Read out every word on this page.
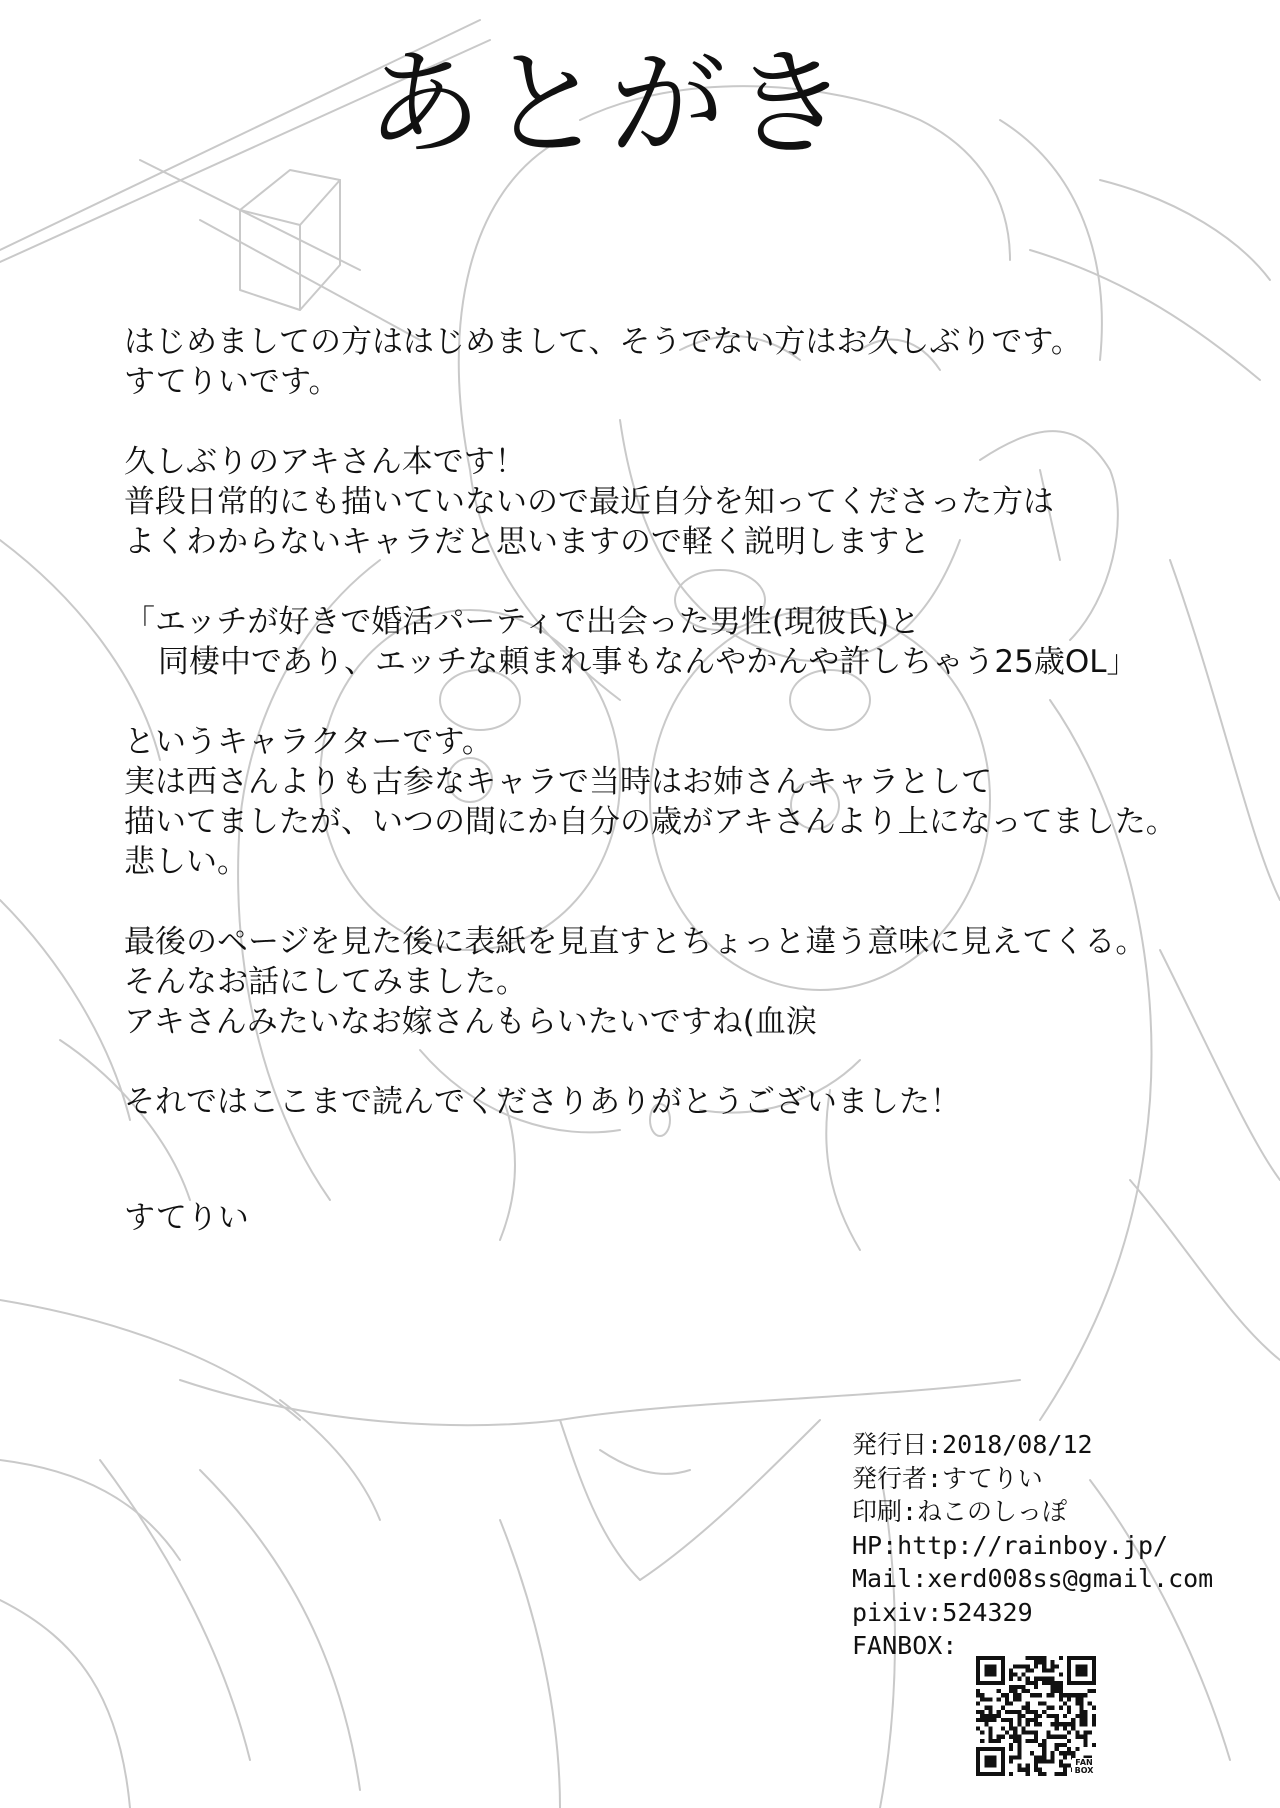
あとがき
はじめましての方ははじめまして、そうでない方はお久しぶりです。
すてりいです。
久しぶりのアキさん本です！
普段日常的にも描いていないので最近自分を知ってくださった方は
よくわからないキャラだと思いますので軽く説明しますと
「エッチが好きで婚活パーティで出会った男性(現彼氏)と
同棲中であり、エッチな頼まれ事もなんやかんや許しちゃう25歳OL」
というキャラクターです。
実は西さんよりも古参なキャラで当時はお姉さんキャラとして
描いてましたが、いつの間にか自分の歳がアキさんより上になってました。
悲しい。
最後のページを見た後に表紙を見直すとちょっと違う意味に見えてくる。
そんなお話にしてみました。
アキさんみたいなお嫁さんもらいたいですね(血涙
それではここまで読んでくださりありがとうございました！
すてりい
発行日:2018/08/12
発行者:すてりい
印刷:ねこのしっぽ
HP:http://rainboy.jp/
Mail:xerd008ss@gmail.com
pixiv:524329
FANBOX:
FAN
BOX
